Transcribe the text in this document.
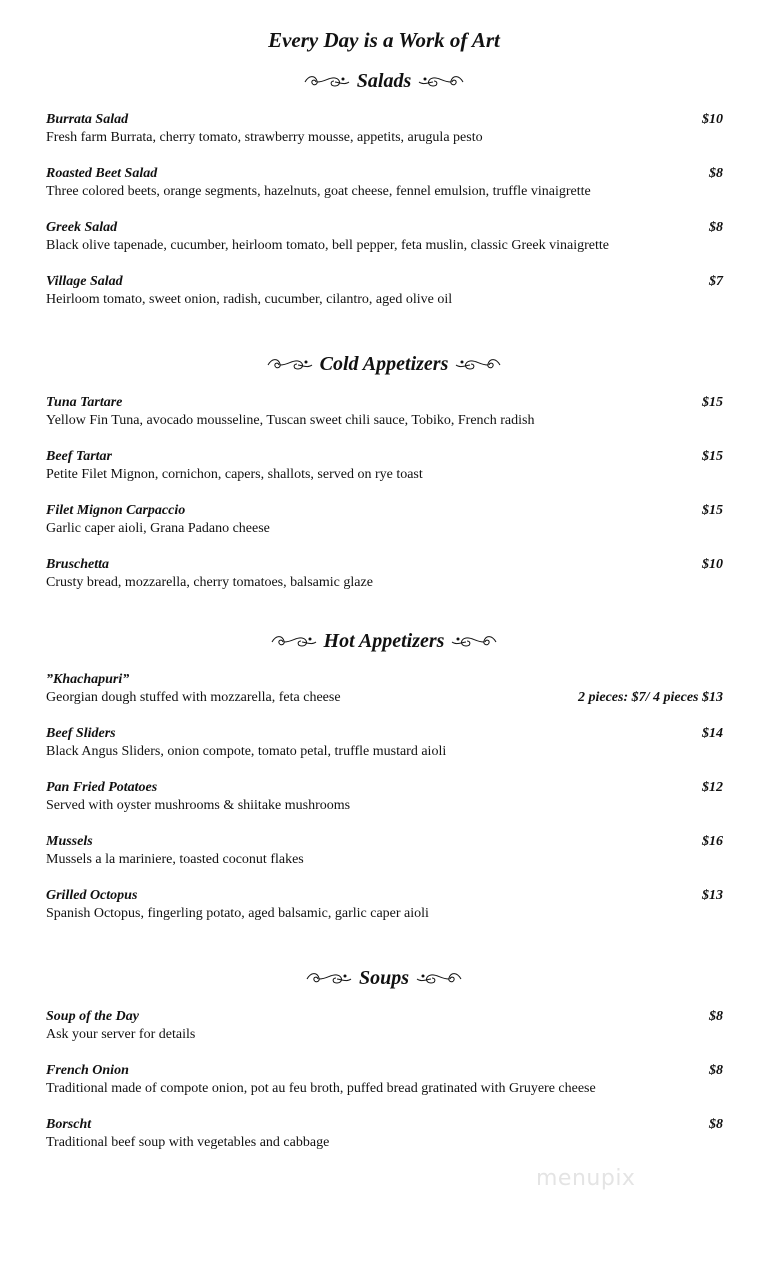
Every Day is a Work of Art
Salads
Burrata Salad	$10
Fresh farm Burrata, cherry tomato, strawberry mousse, appetits, arugula pesto
Roasted Beet Salad	$8
Three colored beets, orange segments, hazelnuts, goat cheese, fennel emulsion, truffle vinaigrette
Greek Salad	$8
Black olive tapenade, cucumber, heirloom tomato, bell pepper, feta muslin, classic Greek vinaigrette
Village Salad	$7
Heirloom tomato, sweet onion, radish, cucumber, cilantro, aged olive oil
Cold Appetizers
Tuna Tartare	$15
Yellow Fin Tuna, avocado mousseline, Tuscan sweet chili sauce, Tobiko, French radish
Beef Tartar	$15
Petite Filet Mignon, cornichon, capers, shallots, served on rye toast
Filet Mignon Carpaccio	$15
Garlic caper aioli, Grana Padano cheese
Bruschetta	$10
Crusty bread, mozzarella, cherry tomatoes, balsamic glaze
Hot Appetizers
”Khachapuri”
Georgian dough stuffed with mozzarella, feta cheese	2 pieces: $7/ 4 pieces $13
Beef Sliders	$14
Black Angus Sliders, onion compote, tomato petal, truffle mustard aioli
Pan Fried Potatoes	$12
Served with oyster mushrooms & shiitake mushrooms
Mussels	$16
Mussels a la mariniere, toasted coconut flakes
Grilled Octopus	$13
Spanish Octopus, fingerling potato, aged balsamic, garlic caper aioli
Soups
Soup of the Day	$8
Ask your server for details
French Onion	$8
Traditional made of compote onion, pot au feu broth, puffed bread gratinated with Gruyere cheese
Borscht	$8
Traditional beef soup with vegetables and cabbage
menupix
